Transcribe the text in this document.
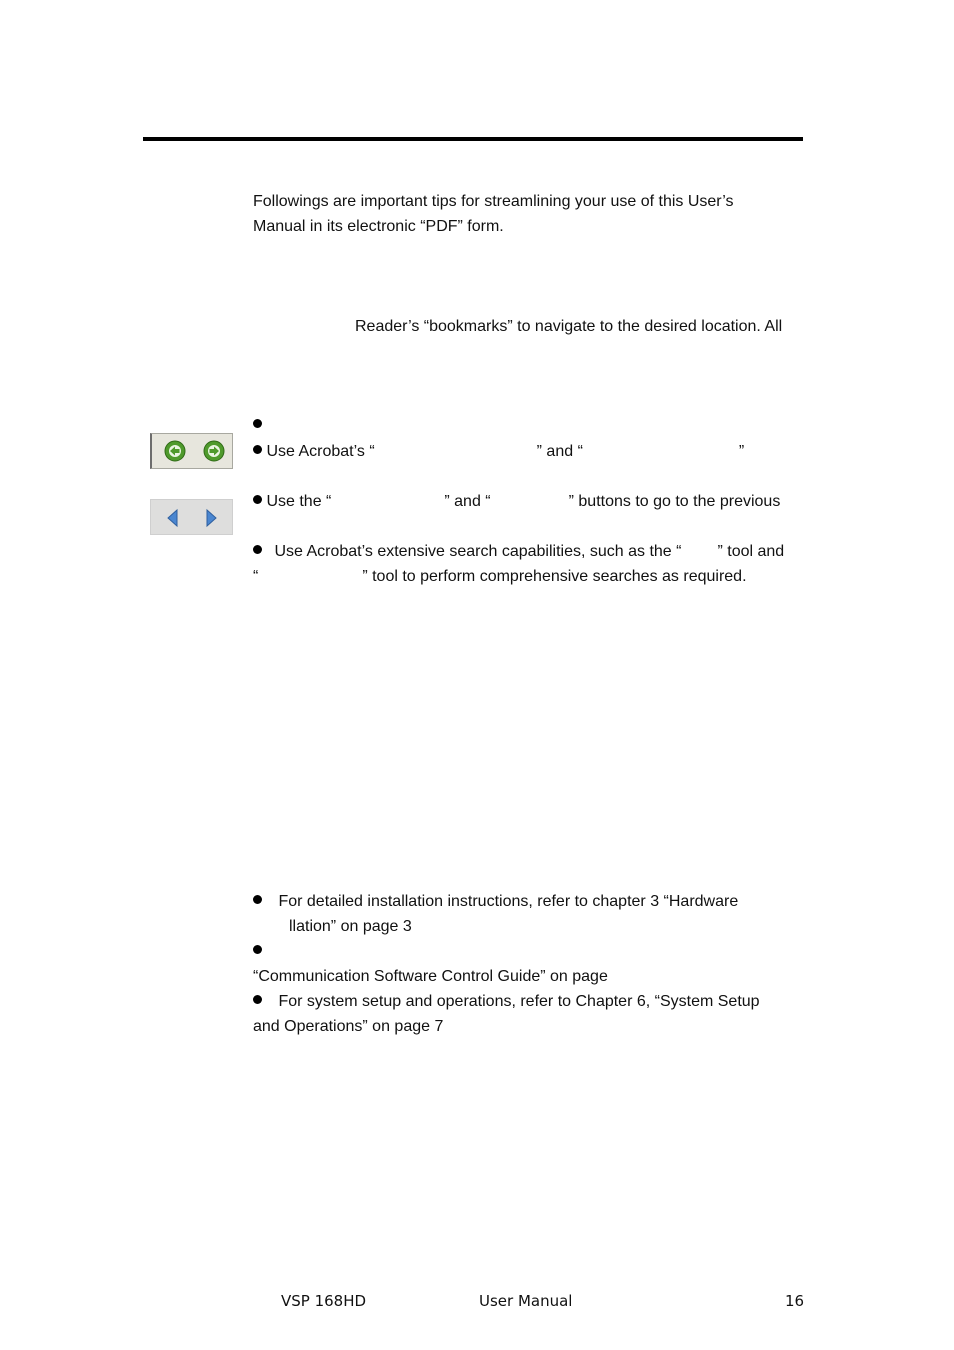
Followings are important tips for streamlining your use of this User’s
Manual in its electronic “PDF” form.
Reader’s “bookmarks” to navigate to the desired location. All
Use Acrobat’s “	” and “	”
Use the “	” and “	” buttons to go to the previous
Use Acrobat’s extensive search capabilities, such as the “ ” tool and
“	” tool to perform comprehensive searches as required.
For detailed installation instructions, refer to chapter 3 “Hardware
llation” on page 3
“Communication Software Control Guide” on page
For system setup and operations, refer to Chapter 6, “System Setup
and Operations” on page 7
VSP 168HD	User Manual	16
